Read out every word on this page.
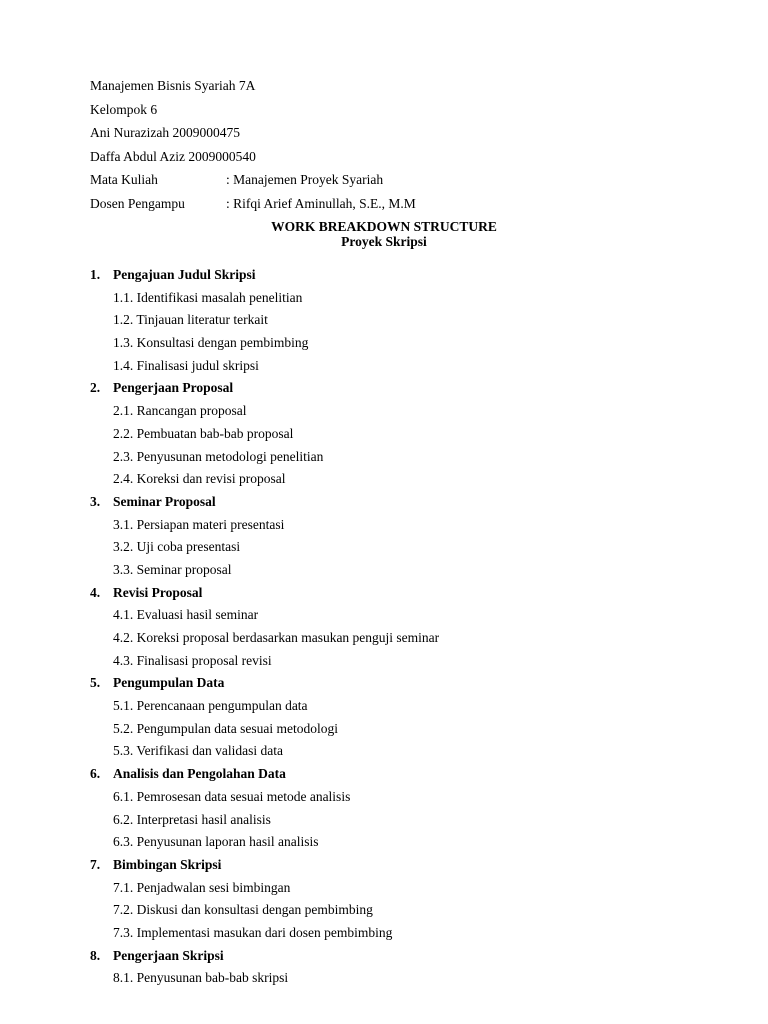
Manajemen Bisnis Syariah 7A
Kelompok 6
Ani Nurazizah 2009000475
Daffa Abdul Aziz 2009000540
Mata Kuliah	: Manajemen Proyek Syariah
Dosen Pengampu	: Rifqi Arief Aminullah, S.E., M.M
WORK BREAKDOWN STRUCTURE
Proyek Skripsi
1. Pengajuan Judul Skripsi
1.1. Identifikasi masalah penelitian
1.2. Tinjauan literatur terkait
1.3. Konsultasi dengan pembimbing
1.4. Finalisasi judul skripsi
2. Pengerjaan Proposal
2.1. Rancangan proposal
2.2. Pembuatan bab-bab proposal
2.3. Penyusunan metodologi penelitian
2.4. Koreksi dan revisi proposal
3. Seminar Proposal
3.1. Persiapan materi presentasi
3.2. Uji coba presentasi
3.3. Seminar proposal
4. Revisi Proposal
4.1. Evaluasi hasil seminar
4.2. Koreksi proposal berdasarkan masukan penguji seminar
4.3. Finalisasi proposal revisi
5. Pengumpulan Data
5.1. Perencanaan pengumpulan data
5.2. Pengumpulan data sesuai metodologi
5.3. Verifikasi dan validasi data
6. Analisis dan Pengolahan Data
6.1. Pemrosesan data sesuai metode analisis
6.2. Interpretasi hasil analisis
6.3. Penyusunan laporan hasil analisis
7. Bimbingan Skripsi
7.1. Penjadwalan sesi bimbingan
7.2. Diskusi dan konsultasi dengan pembimbing
7.3. Implementasi masukan dari dosen pembimbing
8. Pengerjaan Skripsi
8.1. Penyusunan bab-bab skripsi
